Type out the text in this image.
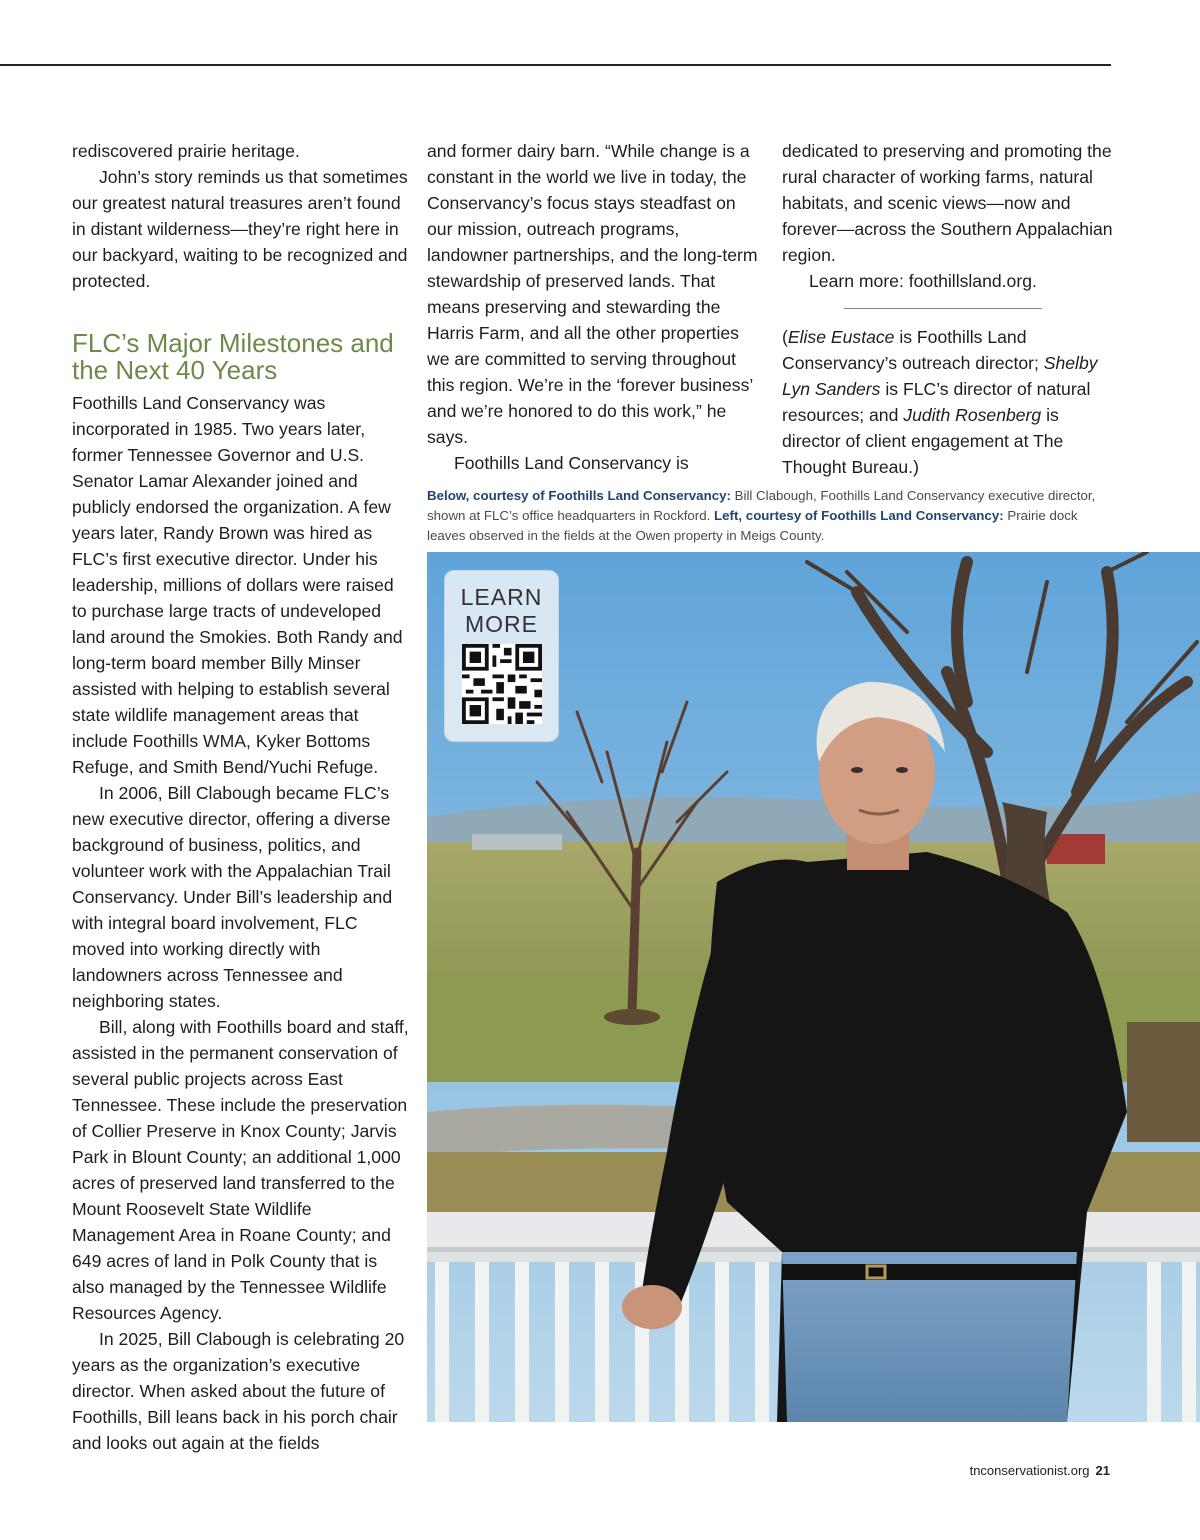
rediscovered prairie heritage.

John’s story reminds us that sometimes our greatest natural treasures aren’t found in distant wilderness—they’re right here in our backyard, waiting to be recognized and protected.

FLC’s Major Milestones and the Next 40 Years

Foothills Land Conservancy was incorporated in 1985. Two years later, former Tennessee Governor and U.S. Senator Lamar Alexander joined and publicly endorsed the organization. A few years later, Randy Brown was hired as FLC’s first executive director. Under his leadership, millions of dollars were raised to purchase large tracts of undeveloped land around the Smokies. Both Randy and long-term board member Billy Minser assisted with helping to establish several state wildlife management areas that include Foothills WMA, Kyker Bottoms Refuge, and Smith Bend/Yuchi Refuge.

In 2006, Bill Clabough became FLC’s new executive director, offering a diverse background of business, politics, and volunteer work with the Appalachian Trail Conservancy. Under Bill’s leadership and with integral board involvement, FLC moved into working directly with landowners across Tennessee and neighboring states.

Bill, along with Foothills board and staff, assisted in the permanent conservation of several public projects across East Tennessee. These include the preservation of Collier Preserve in Knox County; Jarvis Park in Blount County; an additional 1,000 acres of preserved land transferred to the Mount Roosevelt State Wildlife Management Area in Roane County; and 649 acres of land in Polk County that is also managed by the Tennessee Wildlife Resources Agency.

In 2025, Bill Clabough is celebrating 20 years as the organization’s executive director. When asked about the future of Foothills, Bill leans back in his porch chair and looks out again at the fields

and former dairy barn. “While change is a constant in the world we live in today, the Conservancy’s focus stays steadfast on our mission, outreach programs, landowner partnerships, and the long-term stewardship of preserved lands. That means preserving and stewarding the Harris Farm, and all the other properties we are committed to serving throughout this region. We’re in the ‘forever business’ and we’re honored to do this work,” he says.

Foothills Land Conservancy is

dedicated to preserving and promoting the rural character of working farms, natural habitats, and scenic views—now and forever—across the Southern Appalachian region.

Learn more: foothillsland.org.

(Elise Eustace is Foothills Land Conservancy’s outreach director; Shelby Lyn Sanders is FLC’s director of natural resources; and Judith Rosenberg is director of client engagement at The Thought Bureau.)

Below, courtesy of Foothills Land Conservancy: Bill Clabough, Foothills Land Conservancy executive director, shown at FLC’s office headquarters in Rockford. Left, courtesy of Foothills Land Conservancy: Prairie dock leaves observed in the fields at the Owen property in Meigs County.
LEARN MORE
tnconservationist.org 21
